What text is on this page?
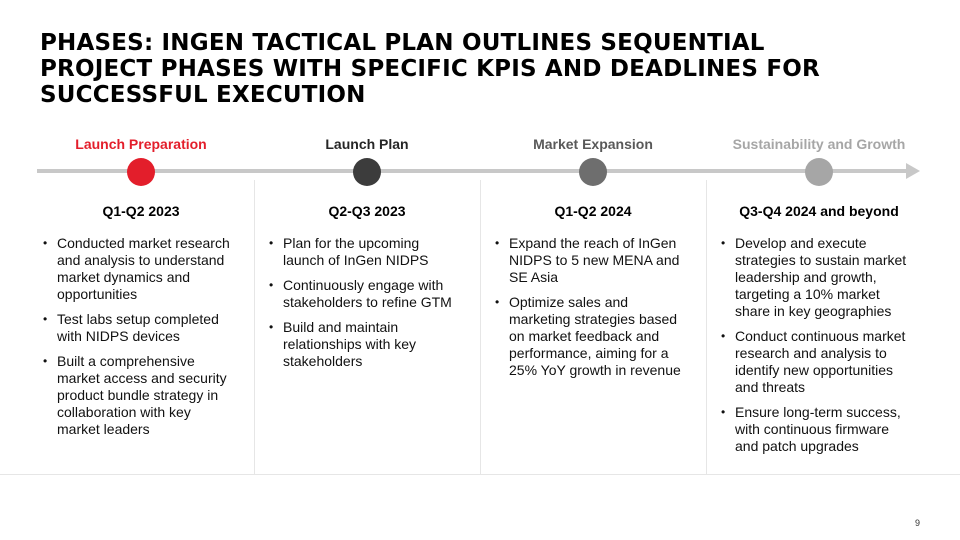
PHASES: INGEN TACTICAL PLAN OUTLINES SEQUENTIAL
PROJECT PHASES WITH SPECIFIC KPIS AND DEADLINES FOR
SUCCESSFUL EXECUTION
Launch Preparation
Q1-Q2 2023
• Conducted market research and analysis to understand market dynamics and opportunities
• Test labs setup completed with NIDPS devices
• Built a comprehensive market access and security product bundle strategy in collaboration with key market leaders
Launch Plan
Q2-Q3 2023
• Plan for the upcoming launch of InGen NIDPS
• Continuously engage with stakeholders to refine GTM
• Build and maintain relationships with key stakeholders
Market Expansion
Q1-Q2 2024
• Expand the reach of InGen NIDPS to 5 new MENA and SE Asia
• Optimize sales and marketing strategies based on market feedback and performance, aiming for a 25% YoY growth in revenue
Sustainability and Growth
Q3-Q4 2024 and beyond
• Develop and execute strategies to sustain market leadership and growth, targeting a 10% market share in key geographies
• Conduct continuous market research and analysis to identify new opportunities and threats
• Ensure long-term success, with continuous firmware and patch upgrades
9
